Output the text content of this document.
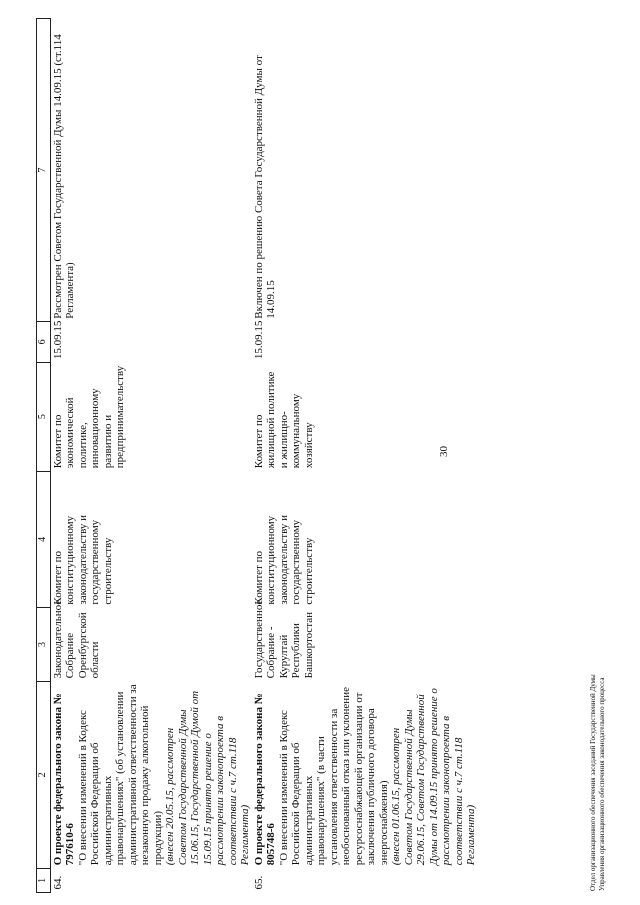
30
1	2	3	4	5	6	7
64.	О проекте федерального закона № 797610-6 "О внесении изменений в Кодекс Российской Федерации об административных правонарушениях" (об установлении административной ответственности за незаконную продажу алкогольной продукции) (внесен 20.05.15, рассмотрен Советом Государственной Думы 15.06.15, Государственной Думой от 15.09.15 принято решение о рассмотрении законопроекта в соответствии с ч.7 ст.118 Регламента)	Законодательное Собрание Оренбургской области	Комитет по конституционному законодательству и государственному строительству	Комитет по экономической политике, инновационному развитию и предпринимательству	15.09.15	Рассмотрен Советом Государственной Думы 14.09.15 (ст.114 Регламента)
65.	О проекте федерального закона № 805748-6 "О внесении изменений в Кодекс Российской Федерации об административных правонарушениях" (в части установления ответственности за необоснованный отказ или уклонение ресурсоснабжающей организации от заключения публичного договора энергоснабжения) (внесен 01.06.15, рассмотрен Советом Государственной Думы 29.06.15, Советом Государственной Думы от 14.09.15 принято решение о рассмотрении законопроекта в соответствии с ч.7 ст.118 Регламента)	Государственное Собрание - Курултай Республики Башкортостан	Комитет по конституционному законодательству и государственному строительству	Комитет по жилищной политике и жилищно-коммунальному хозяйству	15.09.15	Включен по решению Совета Государственной Думы от 14.09.15
Отдел организационного обеспечения заседаний Государственной Думы Управления организационного обеспечения законодательного процесса
